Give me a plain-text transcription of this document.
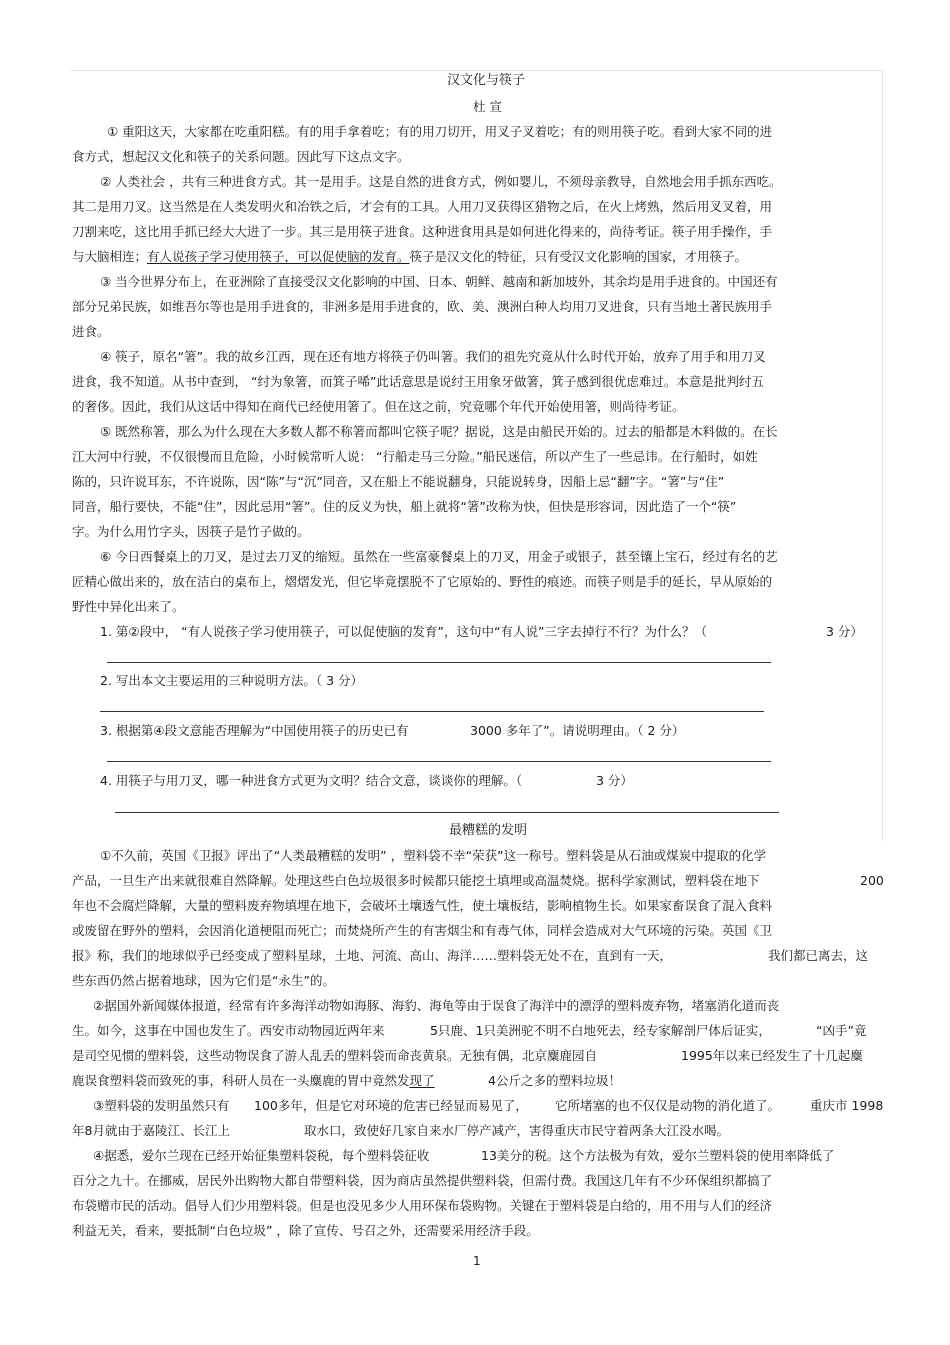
汉文化与筷子
杜 宣
① 重阳这天，大家都在吃重阳糕。有的用手拿着吃；有的用刀切开，用叉子叉着吃；有的则用筷子吃。看到大家不同的进
食方式，想起汉文化和筷子的关系问题。因此写下这点文字。
② 人类社会 ，共有三种进食方式。其一是用手。这是自然的进食方式，例如婴儿，不须母亲教导，自然地会用手抓东西吃。
其二是用刀叉。这当然是在人类发明火和冶铁之后，才会有的工具。人用刀叉获得区猎物之后，在火上烤熟，然后用叉叉着，用
刀割来吃，这比用手抓已经大大进了一步。其三是用筷子进食。这种进食用具是如何进化得来的，尚待考证。筷子用手操作，手
与大脑相连；有人说孩子学习使用筷子，可以促使脑的发育。筷子是汉文化的特征，只有受汉文化影响的国家，才用筷子。
③ 当今世界分布上，在亚洲除了直接受汉文化影响的中国、日本、朝鲜、越南和新加坡外，其余均是用手进食的。中国还有
部分兄弟民族，如维吾尔等也是用手进食的，非洲多是用手进食的，欧、美、澳洲白种人均用刀叉进食，只有当地土著民族用手
进食。
④ 筷子，原名“箸”。我的故乡江西，现在还有地方将筷子仍叫箸。我们的祖先究竟从什么时代开始，放弃了用手和用刀叉
进食，我不知道。从书中查到， “纣为象箸，而箕子唏”此话意思是说纣王用象牙做箸，箕子感到很优虑难过。本意是批判纣五
的奢侈。因此，我们从这话中得知在商代已经使用箸了。但在这之前，究竟哪个年代开始使用箸，则尚待考证。
⑤ 既然称箸，那么为什么现在大多数人都不称箸而都叫它筷子呢？据说，这是由船民开始的。过去的船都是木料做的。在长
江大河中行驶，不仅很慢而且危险，小时候常听人说： “行船走马三分险。”船民迷信，所以产生了一些忌讳。在行船时，如姓
陈的，只许说耳东，不许说陈，因“陈”与“沉”同音，又在船上不能说翻身，只能说转身，因船上忌“翻”字。“箸”与“住”
同音，船行要快，不能“住”，因此忌用“箸”。住的反义为快，船上就将“箸”改称为快，但快是形容词，因此造了一个“筷”
字。为什么用竹字头，因筷子是竹子做的。
⑥ 今日西餐桌上的刀叉，是过去刀叉的缩短。虽然在一些富豪餐桌上的刀叉，用金子或银子，甚至镶上宝石，经过有名的艺
匠精心做出来的，放在洁白的桌布上，熠熠发光，但它毕竟摆脱不了它原始的、野性的痕迹。而筷子则是手的延长，早从原始的
野性中异化出来了。
1. 第②段中， “有人说孩子学习使用筷子，可以促使脑的发育”，这句中“有人说”三字去掉行不行？为什么？（	3 分）
2. 写出本文主要运用的三种说明方法。（ 3 分）
3. 根据第④段文意能否理解为“中国使用筷子的历史已有	3000 多年了”。请说明理由。（ 2 分）
4. 用筷子与用刀叉，哪一种进食方式更为文明？结合文意，谈谈你的理解。（	3 分）
最糟糕的发明
①不久前，英国《卫报》评出了“人类最糟糕的发明” ，塑料袋不幸“荣获”这一称号。塑料袋是从石油或煤炭中提取的化学
产品，一旦生产出来就很难自然降解。处理这些白色垃圾很多时候都只能挖土填埋或高温焚烧。据科学家测试，塑料袋在地下	200
年也不会腐烂降解，大量的塑料废弃物填埋在地下，会破坏土壤透气性，使土壤板结，影响植物生长。如果家畜误食了混入食料
或废留在野外的塑料，会因消化道梗阻而死亡；而焚烧所产生的有害烟尘和有毒气体，同样会造成对大气环境的污染。英国《卫
报》称，我们的地球似乎已经变成了塑料星球，土地、河流、高山、海洋……塑料袋无处不在，直到有一天，	我们都已离去，这
些东西仍然占据着地球，因为它们是“永生”的。
②据国外新闻媒体报道，经常有许多海洋动物如海豚、海豹、海龟等由于误食了海洋中的漂浮的塑料废弃物，堵塞消化道而丧
生。如今，这事在中国也发生了。西安市动物园近两年来	5只鹿、1只美洲驼不明不白地死去，经专家解剖尸体后证实，	“凶手”竟
是司空见惯的塑料袋，这些动物误食了游人乱丢的塑料袋而命丧黄泉。无独有偶，北京麋鹿园自	1995年以来已经发生了十几起麋
鹿误食塑料袋而致死的事，科研人员在一头麋鹿的胃中竟然发现了	4公斤之多的塑料垃圾！
③塑料袋的发明虽然只有 100多年，但是它对环境的危害已经显而易见了， 它所堵塞的也不仅仅是动物的消化道了。 重庆市 1998
年8月就由于嘉陵江、长江上	取水口，致使好几家自来水厂停产减产，害得重庆市民守着两条大江没水喝。
④据悉，爱尔兰现在已经开始征集塑料袋税，每个塑料袋征收	13美分的税。这个方法极为有效，爱尔兰塑料袋的使用率降低了
百分之九十。在挪威，居民外出购物大都自带塑料袋，因为商店虽然提供塑料袋，但需付费。我国这几年有不少环保组织都搞了
布袋赠市民的活动。倡导人们少用塑料袋。但是也没见多少人用环保布袋购物。关键在于塑料袋是白给的，用不用与人们的经济
利益无关，看来，要抵制“白色垃圾” ，除了宣传、号召之外，还需要采用经济手段。
1
